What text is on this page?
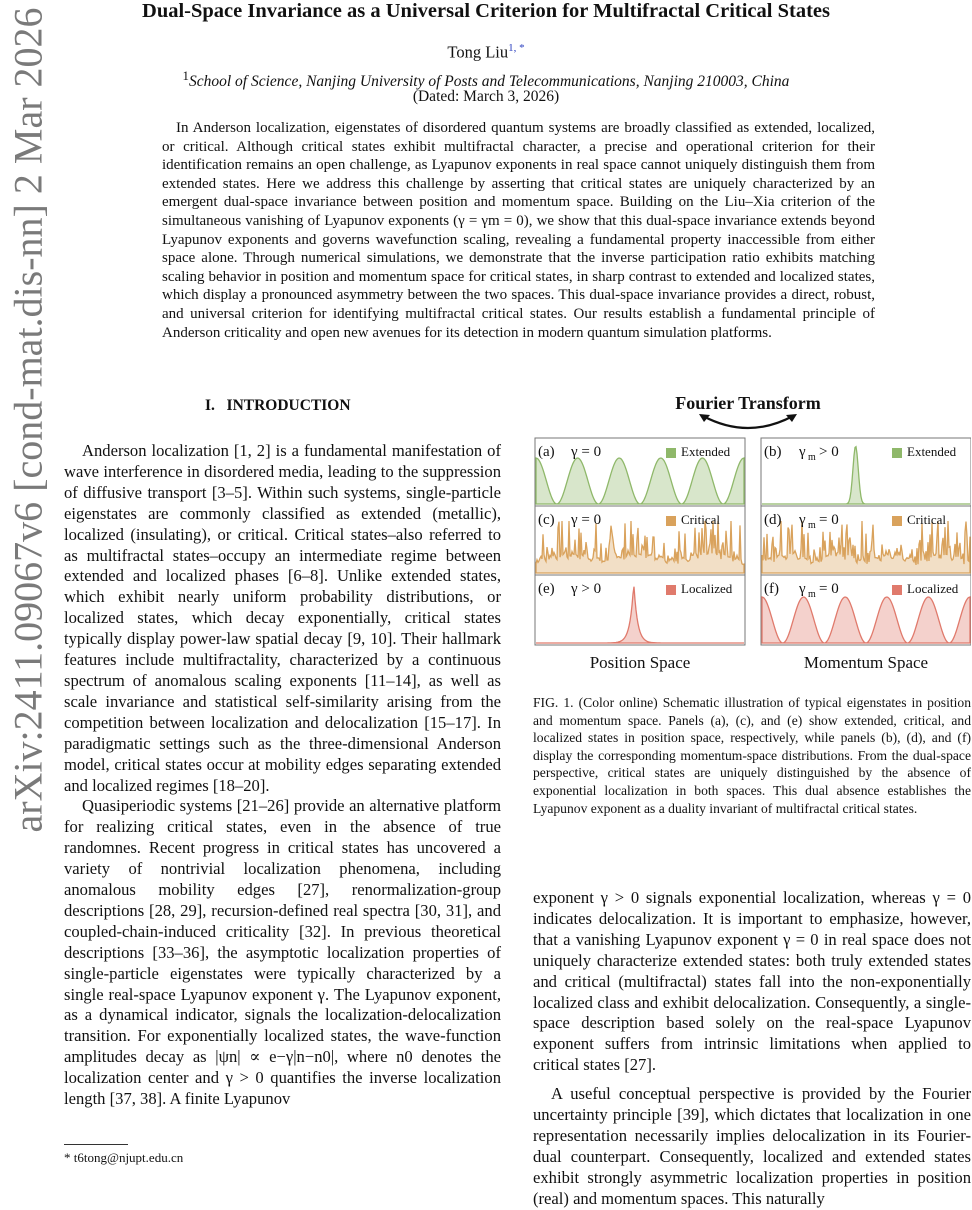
arXiv:2411.09067v6 [cond-mat.dis-nn] 2 Mar 2026	Dual-Space Invariance as a Universal Criterion for Multifractal Critical States
Tong Liu$^{1, *}$
$^1$School of Science, Nanjing University of Posts and Telecommunications, Nanjing 210003, China
(Dated: March 3, 2026)

In Anderson localization, eigenstates of disordered quantum systems are broadly classified as extended, localized, or critical. Although critical states exhibit multifractal character, a precise and operational criterion for their identification remains an open challenge, as Lyapunov exponents in real space cannot uniquely distinguish them from extended states. Here we address this challenge by asserting that critical states are uniquely characterized by an emergent dual-space invariance between position and momentum space. Building on the Liu–Xia criterion of the simultaneous vanishing of Lyapunov exponents (γ = γm = 0), we show that this dual-space invariance extends beyond Lyapunov exponents and governs wavefunction scaling, revealing a fundamental property inaccessible from either space alone. Through numerical simulations, we demonstrate that the inverse participation ratio exhibits matching scaling behavior in position and momentum space for critical states, in sharp contrast to extended and localized states, which display a pronounced asymmetry between the two spaces. This dual-space invariance provides a direct, robust, and universal criterion for identifying multifractal critical states. Our results establish a fundamental principle of Anderson criticality and open new avenues for its detection in modern quantum simulation platforms.

I. INTRODUCTION

Anderson localization [1, 2] is a fundamental manifestation of wave interference in disordered media, leading to the suppression of diffusive transport [3–5]. Within such systems, single-particle eigenstates are commonly classified as extended (metallic), localized (insulating), or critical. Critical states–also referred to as multifractal states–occupy an intermediate regime between extended and localized phases [6–8]. Unlike extended states, which exhibit nearly uniform probability distributions, or localized states, which decay exponentially, critical states typically display power-law spatial decay [9, 10]. Their hallmark features include multifractality, characterized by a continuous spectrum of anomalous scaling exponents [11–14], as well as scale invariance and statistical self-similarity arising from the competition between localization and delocalization [15–17]. In paradigmatic settings such as the three-dimensional Anderson model, critical states occur at mobility edges separating extended and localized regimes [18–20].

Quasiperiodic systems [21–26] provide an alternative platform for realizing critical states, even in the absence of true randomnes. Recent progress in critical states has uncovered a variety of nontrivial localization phenomena, including anomalous mobility edges [27], renormalization-group descriptions [28, 29], recursion-defined real spectra [30, 31], and coupled-chain-induced criticality [32]. In previous theoretical descriptions [33–36], the asymptotic localization properties of single-particle eigenstates were typically characterized by a single real-space Lyapunov exponent γ. The Lyapunov exponent, as a dynamical indicator, signals the localization-delocalization transition. For exponentially localized states, the wave-function amplitudes decay as |ψn| ∝ e−γ|n−n0|, where n0 denotes the localization center and γ > 0 quantifies the inverse localization length [37, 38]. A finite Lyapunov

exponent γ > 0 signals exponential localization, whereas γ = 0 indicates delocalization. It is important to emphasize, however, that a vanishing Lyapunov exponent γ = 0 in real space does not uniquely characterize extended states: both truly extended states and critical (multifractal) states fall into the non-exponentially localized class and exhibit delocalization. Consequently, a single-space description based solely on the real-space Lyapunov exponent suffers from intrinsic limitations when applied to critical states [27].

A useful conceptual perspective is provided by the Fourier uncertainty principle [39], which dictates that localization in one representation necessarily implies delocalization in its Fourier-dual counterpart. Consequently, localized and extended states exhibit strongly asymmetric localization properties in position (real) and momentum spaces. This naturally

* t6tong@njupt.edu.cn
Fourier Transform
(a) γ = 0	Extended (b) γ m > 0	Extended
(c) γ = 0	Critical	(d) γ m = 0	Critical
(e) γ > 0	Localized (f) γ m = 0	Localized
Position Space	Momentum Space

FIG. 1. (Color online) Schematic illustration of typical eigenstates in position and momentum space. Panels (a), (c), and (e) show extended, critical, and localized states in position space, respectively, while panels (b), (d), and (f) display the corresponding momentum-space distributions. From the dual-space perspective, critical states are uniquely distinguished by the absence of exponential localization in both spaces. This dual absence establishes the Lyapunov exponent as a duality invariant of multifractal critical states.
